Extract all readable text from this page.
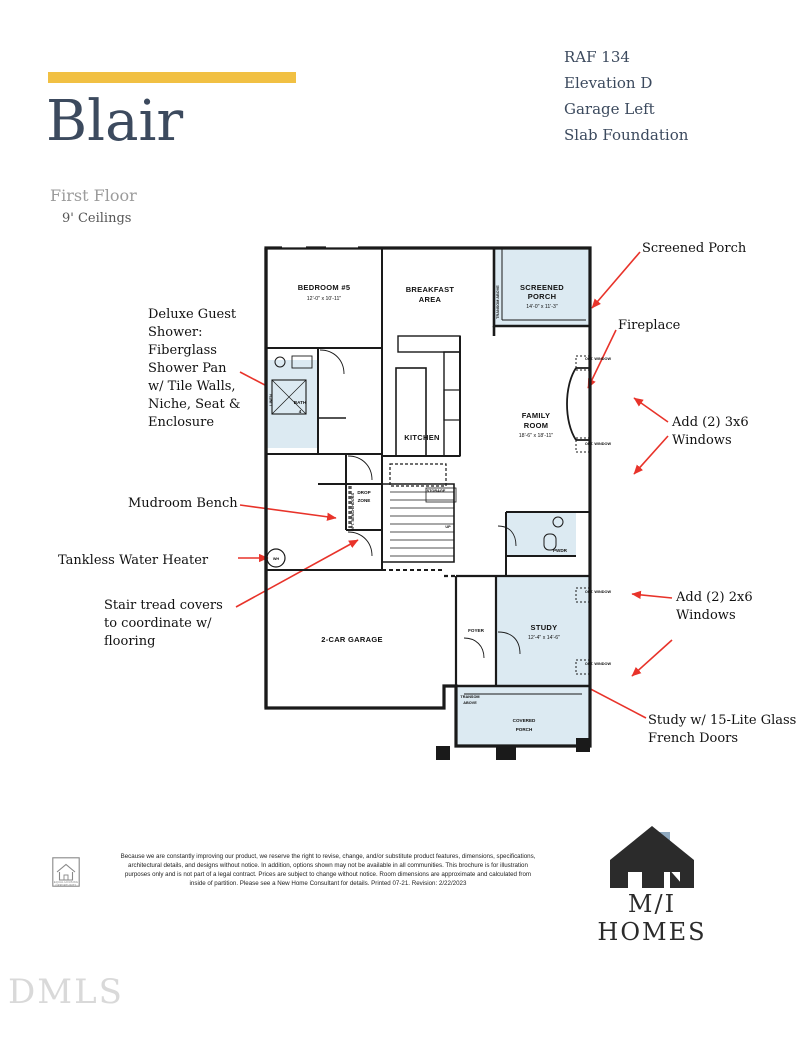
Blair
First Floor
9' Ceilings
RAF 134
Elevation D
Garage Left
Slab Foundation
Deluxe Guest Shower: Fiberglass Shower Pan w/ Tile Walls, Niche, Seat & Enclosure
Mudroom Bench
Tankless Water Heater
Stair tread covers to coordinate w/ flooring
Screened Porch
Fireplace
Add (2) 3x6 Windows
Add (2) 2x6 Windows
Study w/ 15-Lite Glass French Doors
BEDROOM #5
12'-0" x 10'-11"
BREAKFAST
AREA
SCREENED
PORCH
14'-0" x 11'-3"
BATH
4
KITCHEN
FAMILY
ROOM
18'-6" x 18'-11"
DROP
ZONE
PWDR
2-CAR GARAGE
FOYER	STUDY
12'-4" x 14'-6"
COVERED
PORCH
STORAGE
UP
WH
TRANSOM
ABOVE
TRANSOM ABOVE
OPT. BENCH/HOOKS
LINEN
OPT. WINDOW
OPT. WINDOW
OPT. WINDOW
OPT. WINDOW
Because we are constantly improving our product, we reserve the right to revise, change, and/or substitute product features, dimensions, specifications, architectural details, and designs without notice. In addition, options shown may not be available in all communities. This brochure is for illustration purposes only and is not part of a legal contract. Prices are subject to change without notice. Room dimensions are approximate and calculated from inside of partition. Please see a New Home Consultant for details. Printed 07-21. Revision: 2/22/2023
EQUAL HOUSING OPPORTUNITY
M/I HOMES
DMLS
